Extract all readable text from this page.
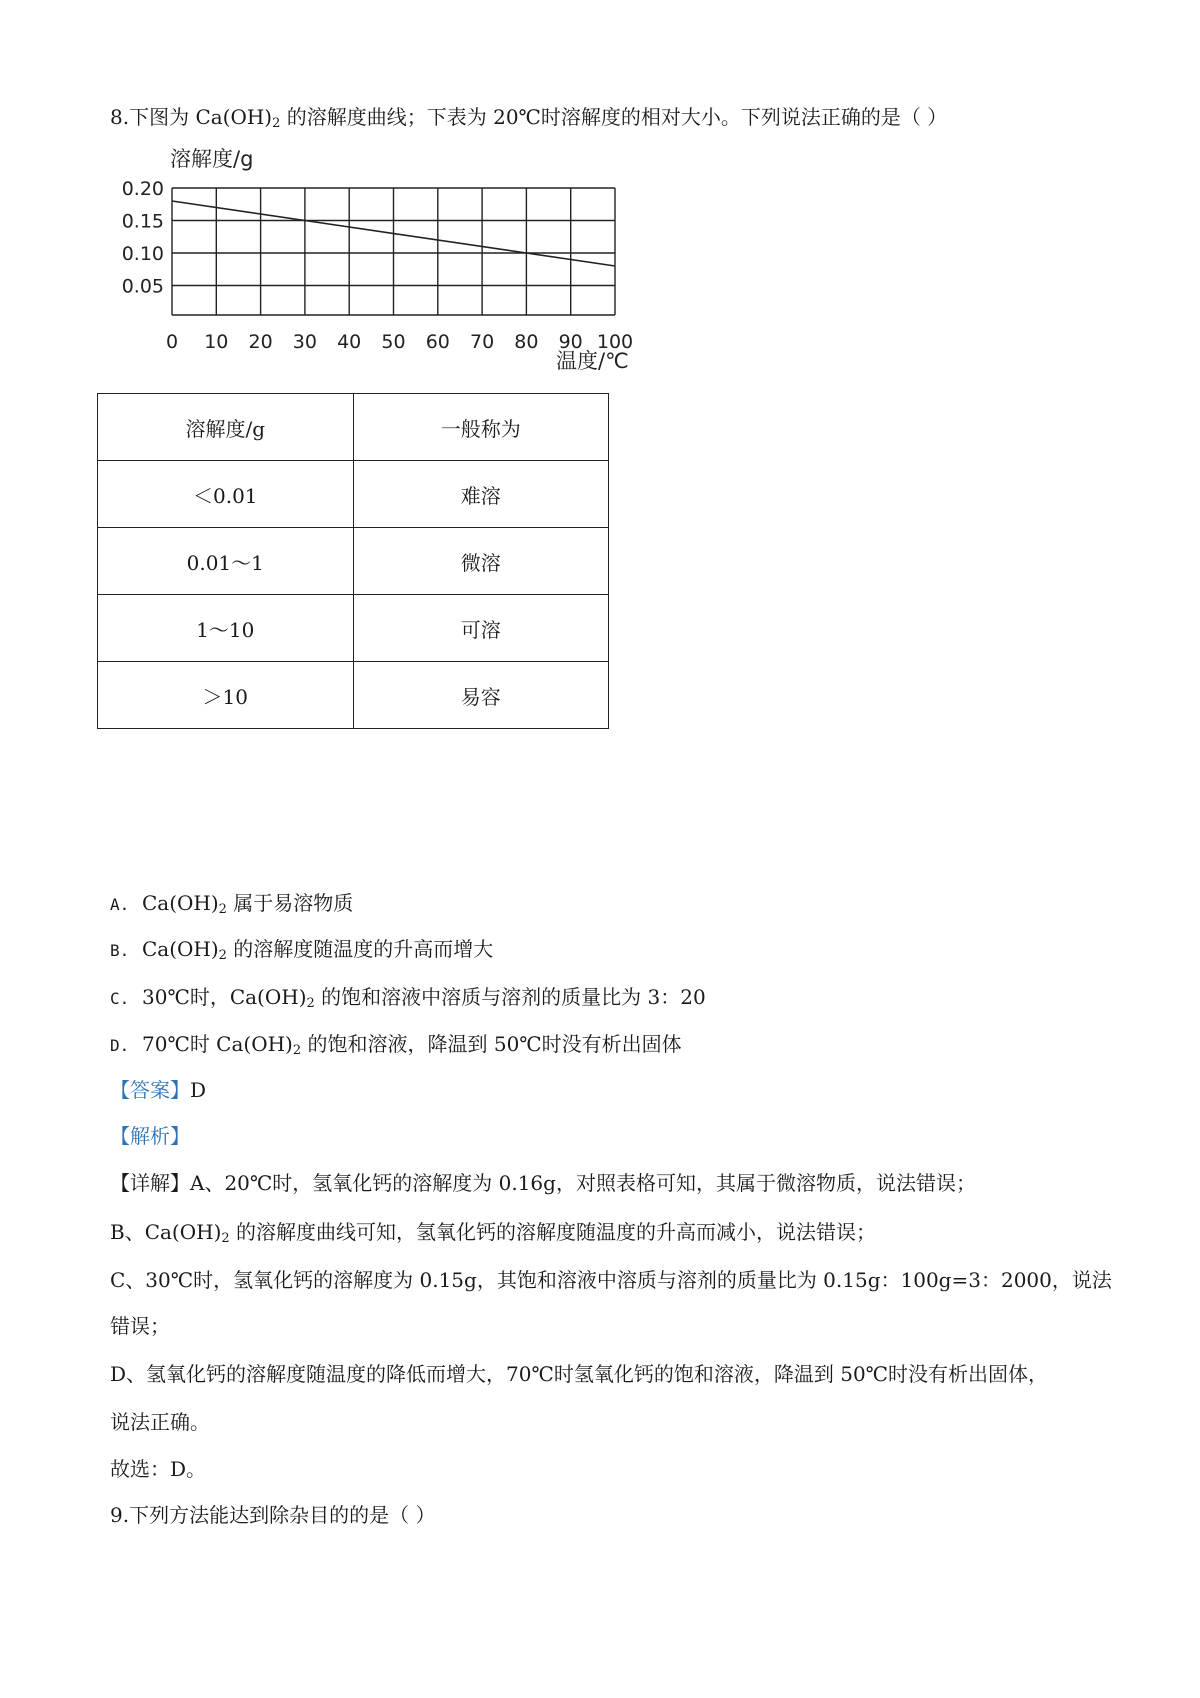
8.下图为 $Ca(OH)_2$ 的溶解度曲线；下表为 20℃时溶解度的相对大小。下列说法正确的是（ ）
0.20
0.15
0.10
0.05
0 10 20 30 40 50 60 70 80 90 100
溶解度/g
温度/℃
溶解度/g	一般称为
＜0.01	难溶
0.01～1	微溶
1～10	可溶
＞10	易容
A. $Ca(OH)_2$ 属于易溶物质
B. $Ca(OH)_2$ 的溶解度随温度的升高而增大
C. 30℃时，$Ca(OH)_2$ 的饱和溶液中溶质与溶剂的质量比为 3：20
D. 70℃时 $Ca(OH)_2$ 的饱和溶液，降温到 50℃时没有析出固体
【答案】D
【解析】
【详解】A、20℃时，氢氧化钙的溶解度为 0.16g，对照表格可知，其属于微溶物质，说法错误；
B、$Ca(OH)_2$ 的溶解度曲线可知，氢氧化钙的溶解度随温度的升高而减小，说法错误；
C、30℃时，氢氧化钙的溶解度为 0.15g，其饱和溶液中溶质与溶剂的质量比为 0.15g：100g=3：2000，说法
错误；
D、氢氧化钙的溶解度随温度的降低而增大，70℃时氢氧化钙的饱和溶液，降温到 50℃时没有析出固体，
说法正确。
故选：D。
9.下列方法能达到除杂目的的是（ ）
